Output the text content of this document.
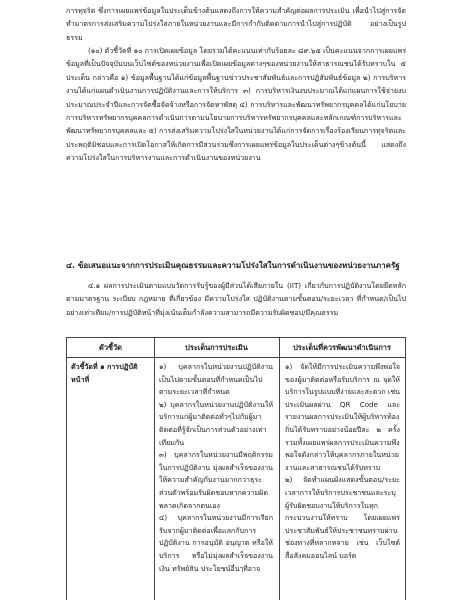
การทุจริต ซึ่งการเผยแพร่ข้อมูลในประเด็นข้างต้นแสดงถึงการให้ความสำคัญต่อผลการประเมิน เพื่อนำไปสู่การจัดทำมาตรการส่งเสริมความโปร่งใสภายในหน่วยงานและมีการกำกับติดตามการนำไปสู่การปฏิบัติ อย่างเป็นรูปธรรม

(๑๐) ตัวชี้วัดที่ ๑๐ การเปิดเผยข้อมูล โดยรวมได้คะแนนเท่ากับร้อยละ ๘๙.๖๕ เป็นคะแนนจากการเผยแพร่ข้อมูลที่เป็นปัจจุบันบนเว็บไซต์ของหน่วยงานเพื่อเปิดเผยข้อมูลต่างๆของหน่วยงานให้สาธารณชนได้รับทราบใน ๕ ประเด็น กล่าวคือ ๑) ข้อมูลพื้นฐานได้แก่ข้อมูลพื้นฐานข่าวประชาสัมพันธ์และการปฏิสัมพันธ์ข้อมูล ๒) การบริหารงานได้แก่แผนดำเนินงานการปฏิบัติงานและการให้บริการ ๓) การบริหารเงินงบประมาณได้แก่แผนการใช้จ่ายงบประมาณประจำปีและการจัดซื้อจัดจ้างหรือการจัดหาพัสดุ ๔) การบริหารและพัฒนาทรัพยากรบุคคลได้แก่นโยบายการบริหารทรัพยากรบุคคลการดำเนินการตามนโยบายการบริหารทรัพยากรบุคคลและหลักเกณฑ์การบริหารและพัฒนาทรัพยากรบุคคลและ ๕) การส่งเสริมความโปร่งใสในหน่วยงานได้แก่การจัดการเรื่องร้องเรียนการทุจริตและประพฤติมิชอบและการเปิดโอกาสให้เกิดการมีส่วนร่วมซึ่งการเผยแพร่ข้อมูลในประเด็นต่างๆข้างต้นนี้ แสดงถึงความโปร่งใสในการบริหารงานและการดำเนินงานของหน่วยงาน

๔. ข้อเสนอแนะจากการประเมินคุณธรรมและความโปร่งใสในการดำเนินงานของหน่วยงานภาครัฐ

๔.๑ ผลการประเมินตามแบบวัดการรับรู้ของผู้มีส่วนได้เสียภายใน (IIT) เกี่ยวกับการปฏิบัติงานโดยยึดหลักตามมาตรฐาน ระเบียบ กฎหมาย ที่เกี่ยวข้อง มีความโปร่งใส ปฏิบัติงานตามขั้นตอน/ระยะเวลา ที่กำหนด/เป็นไปอย่างเท่าเทียม/การปฏิบัติหน้าที่มุ่งเน้นเต็มกำลังความสามารถมีความรับผิดชอบ/มีคุณธรรม

ตัวชี้วัด	ประเด็นการประเมิน	ประเด็นที่ควรพัฒนาดำเนินการ
ตัวชี้วัดที่ ๑ การปฏิบัติหน้าที่

๑) บุคลากรในหน่วยงานปฏิบัติงานเป็นไปตามขั้นตอนที่กำหนดเป็นไปตามระยะเวลาที่กำหนด

๒) บุคลากรในหน่วยงานปฏิบัติงานให้บริการแก่ผู้มาติดต่อทั่วๆไปกับผู้มาติดต่อที่รู้จักเป็นการส่วนตัวอย่างเท่าเทียมกัน

๓) บุคลากรในหน่วยงานมีพฤติกรรมในการปฏิบัติงาน มุ่งผลสำเร็จของงานให้ความสำคัญกับงานมากกว่าธุระส่วนตัวพร้อมรับผิดชอบหากความผิดพลาดเกิดจากตนเอง

๔) บุคลากรในหน่วยงานมีการเรียกรับจากผู้มาติดต่อเพื่อแลกกับการปฏิบัติงาน การอนุมัติ อนุญาต หรือให้บริการ หรือไม่มุ่งผลสำเร็จของงาน เงิน ทรัพย์สิน ประโยชน์อื่นๅที่อาจ

๑) จัดให้มีการประเมินความพึงพอใจของผู้มาติดต่อหรือรับบริการ ณ จุดให้บริการในรูปแบบที่ง่ายและสะดวก เช่น ประเมินผลผ่าน QR Code และรายงานผลการประเมินให้ผู้บริหารท้องถิ่นได้รับทราบอย่างน้อยปีละ ๒ ครั้ง รวมทั้งเผยแพร่ผลการประเมินความพึงพอใจดังกล่าวให้บุคลากรภายในหน่วยงานและสาธารณชนได้รับทราบ

๒) จัดทำแผนผังแสดงขั้นตอน/ระยะเวลาการให้บริการประชาชนและระบุผู้รับผิดชอบงานให้บริการในทุกกระบวนงานให้ทราบ โดยเผยแพร่ประชาสัมพันธ์ให้ประชาชนทราบผ่านช่องทางที่หลากหลาย เช่น เว็บไซต์ สื่อสังคมออนไลน์ บอร์ด
